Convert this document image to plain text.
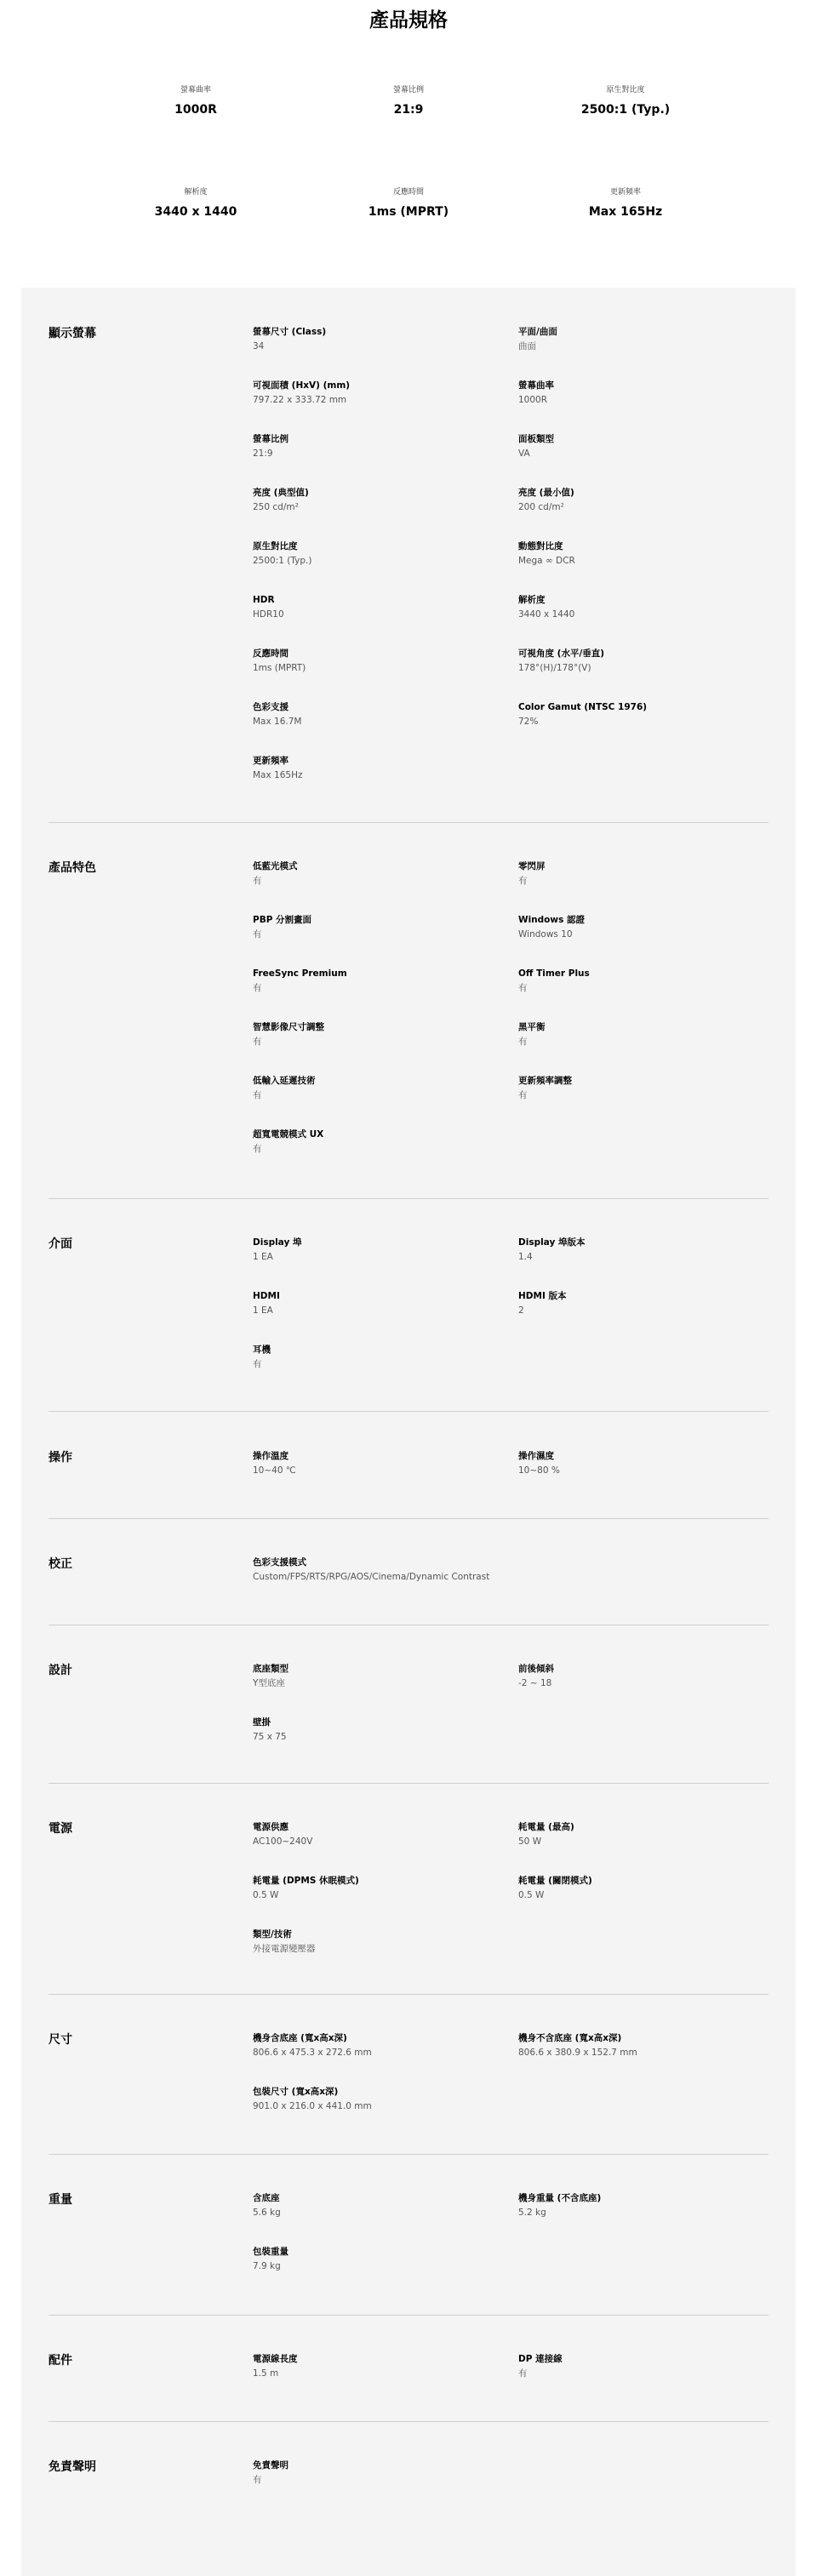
產品規格
螢幕曲率
1000R
螢幕比例
21:9
原生對比度
2500:1 (Typ.)
解析度
3440 x 1440
反應時間
1ms (MPRT)
更新頻率
Max 165Hz
顯示螢幕	螢幕尺寸 (Class)
34
平面/曲面
曲面
可視面積 (HxV) (mm)
797.22 x 333.72 mm
螢幕曲率
1000R
螢幕比例
21:9
面板類型
VA
亮度 (典型值)
250 cd/m²
亮度 (最小值)
200 cd/m²
原生對比度
2500:1 (Typ.)
動態對比度
Mega ∞ DCR
HDR
HDR10
解析度
3440 x 1440
反應時間
1ms (MPRT)
可視角度 (水平/垂直)
178°(H)/178°(V)
色彩支援
Max 16.7M
Color Gamut (NTSC 1976)
72%
更新頻率
Max 165Hz
產品特色	低藍光模式
有
零閃屏
有
PBP 分割畫面
有
Windows 認證
Windows 10
FreeSync Premium
有
Off Timer Plus
有
智慧影像尺寸調整
有
黑平衡
有
低輸入延遲技術
有
更新頻率調整
有
超寬電競模式 UX
有
介面	Display 埠
1 EA
Display 埠版本
1.4
HDMI
1 EA
HDMI 版本
2
耳機
有
操作	操作溫度
10~40 ℃
操作濕度
10~80 %
校正	色彩支援模式
Custom/FPS/RTS/RPG/AOS/Cinema/Dynamic Contrast
設計	底座類型
Y型底座
前後傾斜
-2 ~ 18
壁掛
75 x 75
電源	電源供應
AC100~240V
耗電量 (最高)
50 W
耗電量 (DPMS 休眠模式)
0.5 W
耗電量 (關閉模式)
0.5 W
類型/技術
外接電源變壓器
尺寸	機身含底座 (寬x高x深)
806.6 x 475.3 x 272.6 mm
機身不含底座 (寬x高x深)
806.6 x 380.9 x 152.7 mm
包裝尺寸 (寬x高x深)
901.0 x 216.0 x 441.0 mm
重量	含底座
5.6 kg
機身重量 (不含底座)
5.2 kg
包裝重量
7.9 kg
配件	電源線長度
1.5 m
DP 連接線
有
免責聲明	免責聲明
有
